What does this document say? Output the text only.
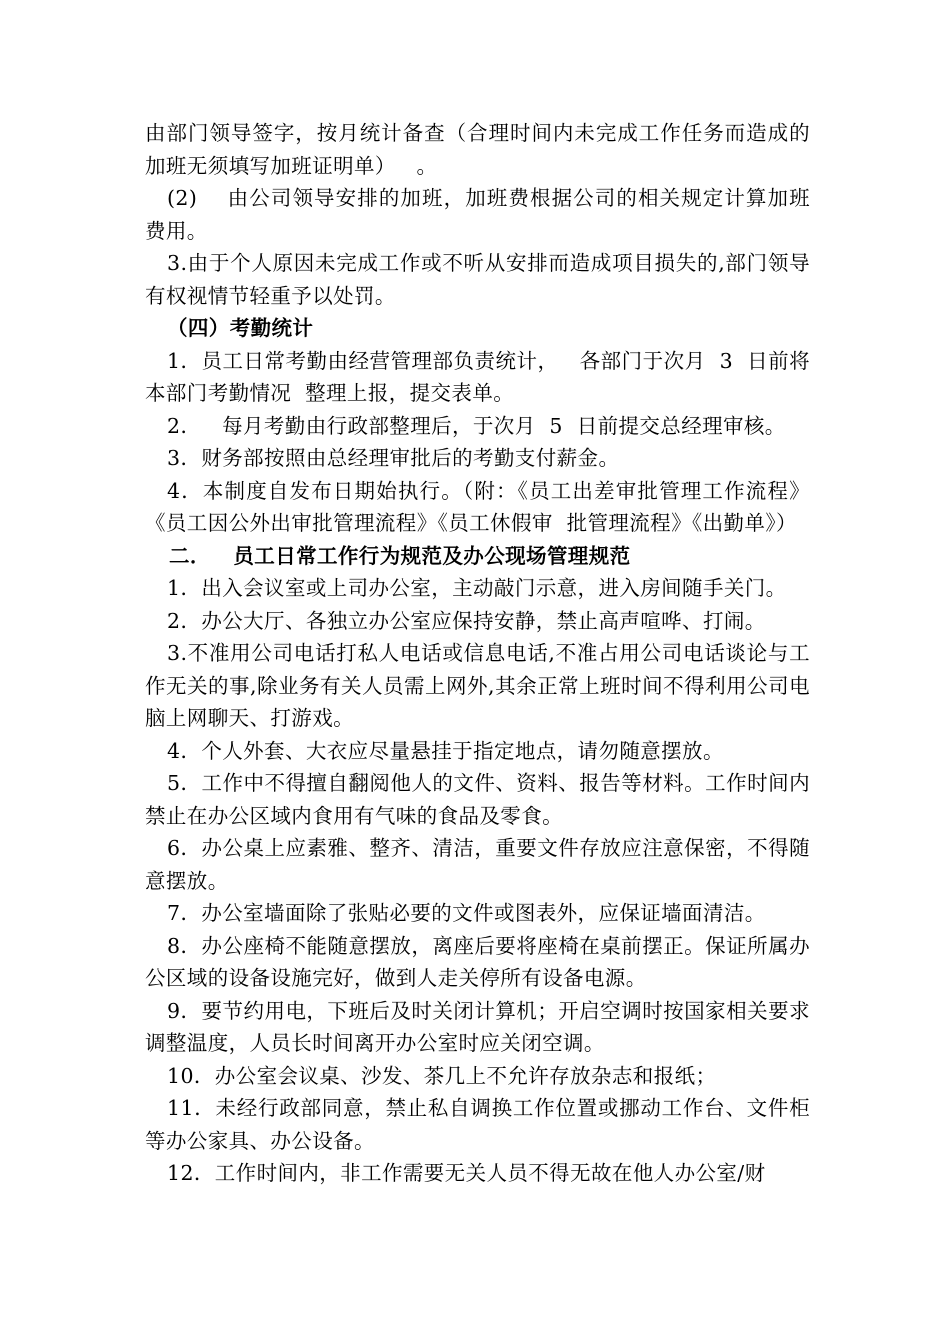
由部门领导签字，按月统计备查（合理时间内未完成工作任务而造成的加班无须填写加班证明单）   。

(2)    由公司领导安排的加班，加班费根据公司的相关规定计算加班费用。

3.由于个人原因未完成工作或不听从安排而造成项目损失的,部门领导有权视情节轻重予以处罚。

（四）考勤统计

1．员工日常考勤由经营管理部负责统计，   各部门于次月  3  日前将本部门考勤情况  整理上报，提交表单。

2．   每月考勤由行政部整理后，于次月  5  日前提交总经理审核。

3．财务部按照由总经理审批后的考勤支付薪金。

4．本制度自发布日期始执行。（附：《员工出差审批管理工作流程》《员工因公外出审批管理流程》《员工休假审  批管理流程》《出勤单》）

二．   员工日常工作行为规范及办公现场管理规范

1．出入会议室或上司办公室，主动敲门示意，进入房间随手关门。

2．办公大厅、各独立办公室应保持安静，禁止高声喧哗、打闹。

3.不准用公司电话打私人电话或信息电话,不准占用公司电话谈论与工作无关的事,除业务有关人员需上网外,其余正常上班时间不得利用公司电脑上网聊天、打游戏。

4．个人外套、大衣应尽量悬挂于指定地点，请勿随意摆放。

5．工作中不得擅自翻阅他人的文件、资料、报告等材料。工作时间内禁止在办公区域内食用有气味的食品及零食。

6．办公桌上应素雅、整齐、清洁，重要文件存放应注意保密，不得随意摆放。

7．办公室墙面除了张贴必要的文件或图表外，应保证墙面清洁。

8．办公座椅不能随意摆放，离座后要将座椅在桌前摆正。保证所属办公区域的设备设施完好，做到人走关停所有设备电源。

9．要节约用电，下班后及时关闭计算机；开启空调时按国家相关要求调整温度，人员长时间离开办公室时应关闭空调。

10．办公室会议桌、沙发、茶几上不允许存放杂志和报纸；

11．未经行政部同意，禁止私自调换工作位置或挪动工作台、文件柜等办公家具、办公设备。

12．工作时间内，非工作需要无关人员不得无故在他人办公室/财
